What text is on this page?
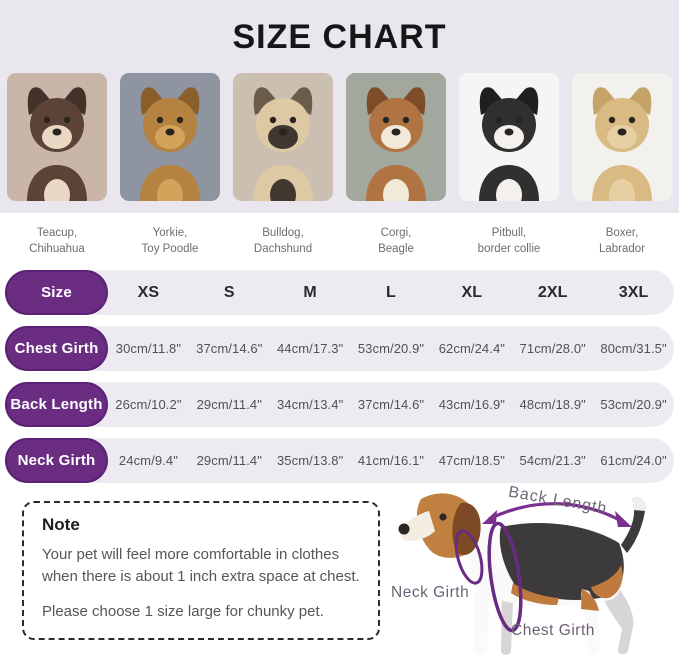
SIZE CHART
Teacup,
Chihuahua
Yorkie,
Toy Poodle
Bulldog,
Dachshund
Corgi,
Beagle
Pitbull,
border collie
Boxer,
Labrador
Size	XS	S	M	L	XL	2XL	3XL
Chest Girth	30cm/11.8"	37cm/14.6"	44cm/17.3"	53cm/20.9"	62cm/24.4"	71cm/28.0"	80cm/31.5"
Back Length 26cm/10.2"	29cm/11.4"	34cm/13.4"	37cm/14.6"	43cm/16.9"	48cm/18.9"	53cm/20.9"
Neck Girth	24cm/9.4"	29cm/11.4"	35cm/13.8"	41cm/16.1"	47cm/18.5"	54cm/21.3"	61cm/24.0"

Note

Your pet will feel more comfortable in clothes when there is about 1 inch extra space at chest.

Please choose 1 size large for chunky pet.

Back Length
Neck Girth
Chest Girth
